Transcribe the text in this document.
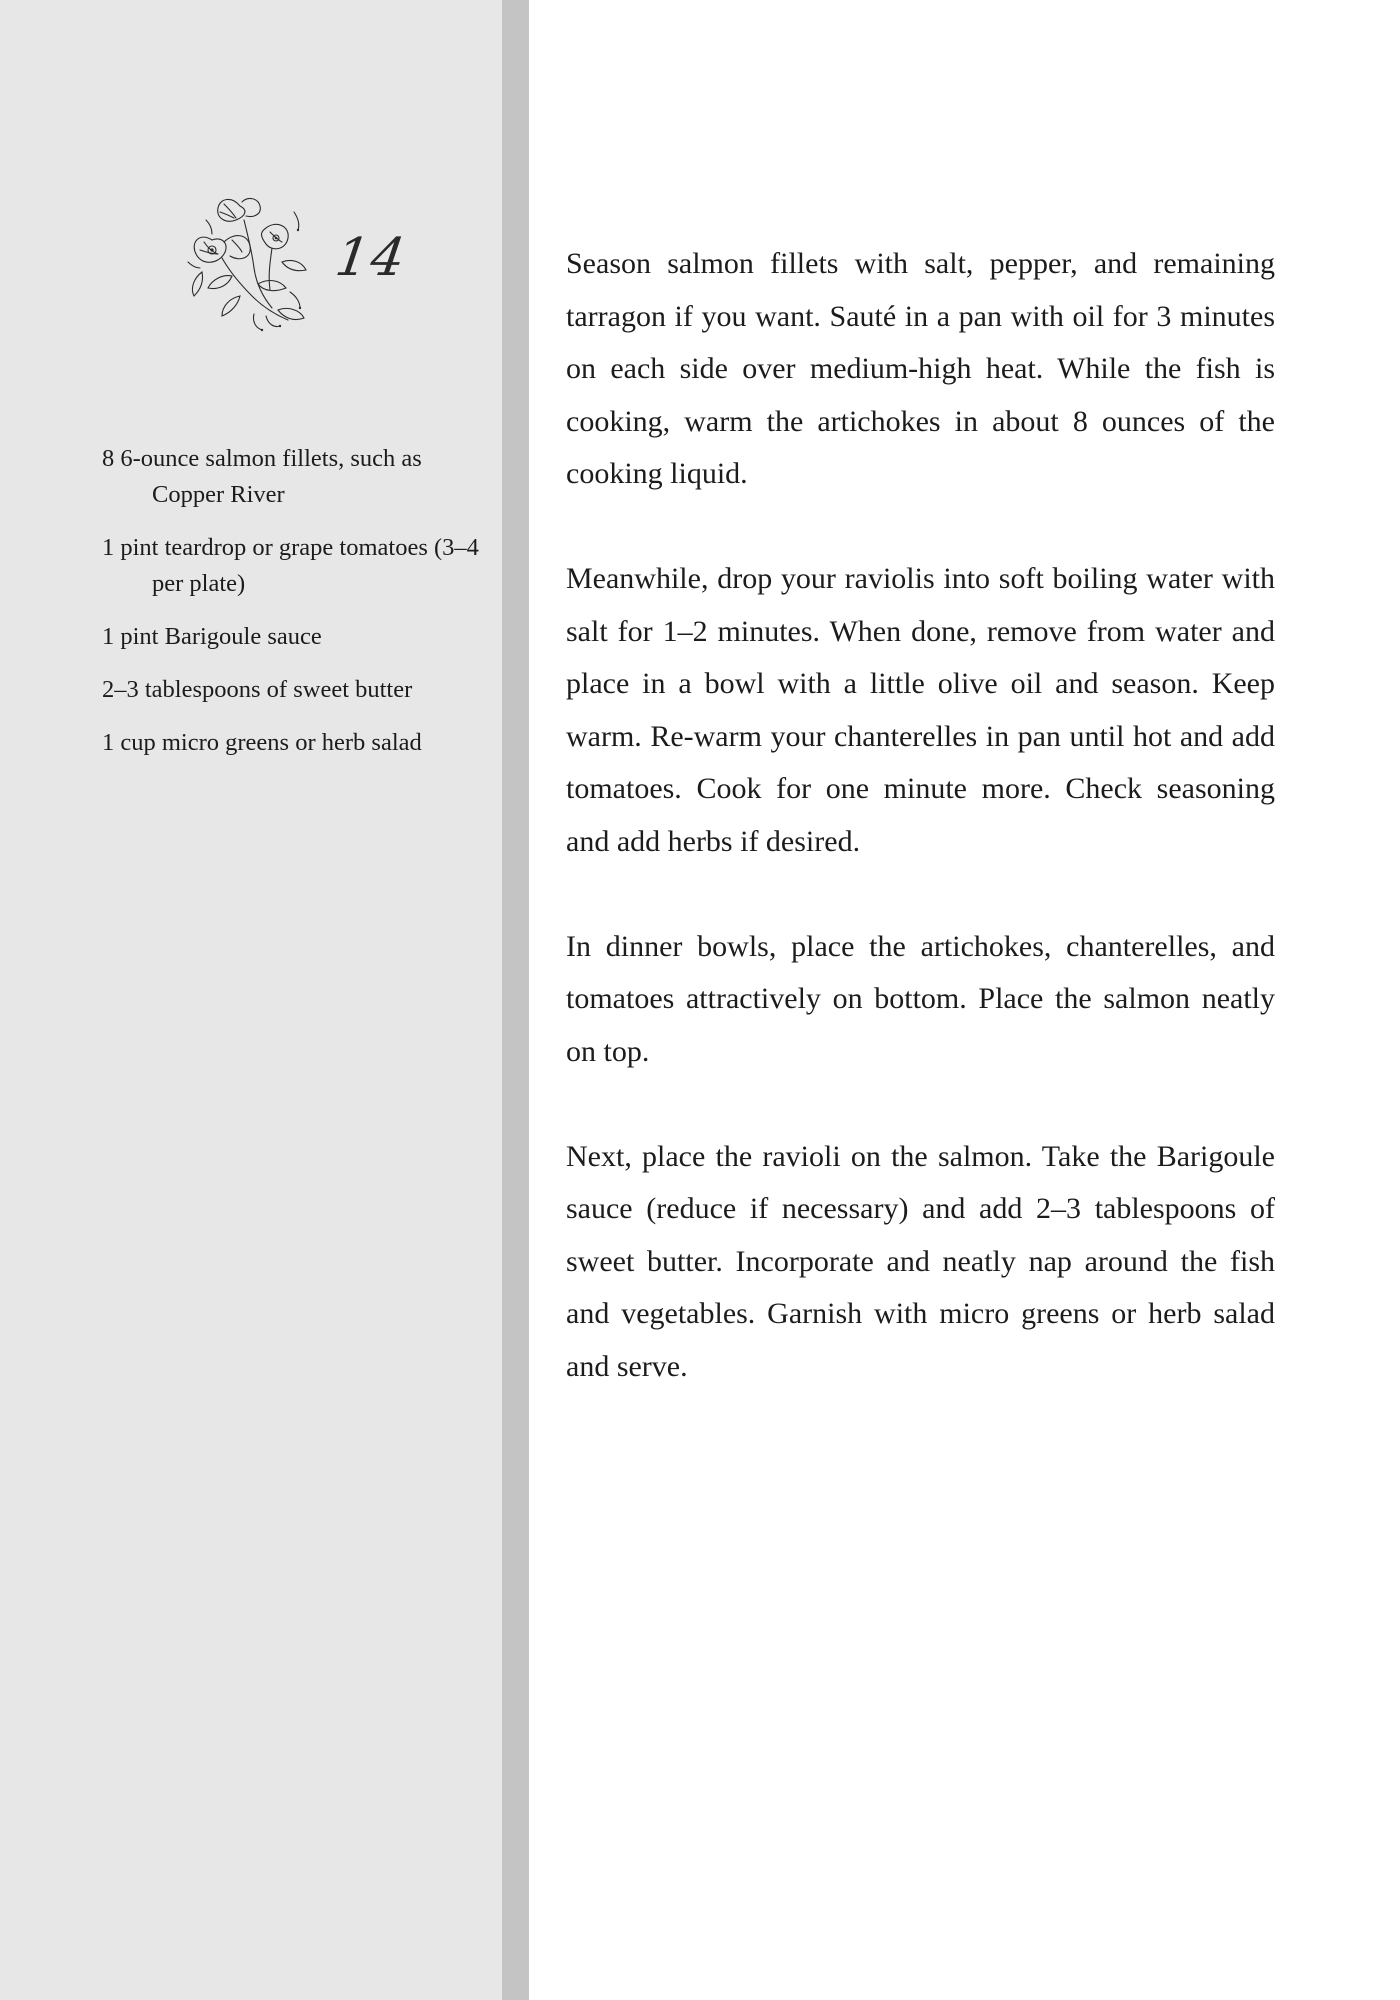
14
8 6-ounce salmon fillets, such as Copper River
1 pint teardrop or grape tomatoes (3–4 per plate)
1 pint Barigoule sauce
2–3 tablespoons of sweet butter
1 cup micro greens or herb salad

Season salmon fillets with salt, pepper, and remaining tarragon if you want. Sauté in a pan with oil for 3 minutes on each side over medium-high heat. While the fish is cooking, warm the artichokes in about 8 ounces of the cooking liquid.

Meanwhile, drop your raviolis into soft boiling water with salt for 1–2 minutes. When done, remove from water and place in a bowl with a little olive oil and season. Keep warm. Re-warm your chanterelles in pan until hot and add tomatoes. Cook for one minute more. Check seasoning and add herbs if desired.

In dinner bowls, place the artichokes, chanterelles, and tomatoes attractively on bottom. Place the salmon neatly on top.

Next, place the ravioli on the salmon. Take the Barigoule sauce (reduce if necessary) and add 2–3 tablespoons of sweet butter. Incorporate and neatly nap around the fish and vegetables. Garnish with micro greens or herb salad and serve.
